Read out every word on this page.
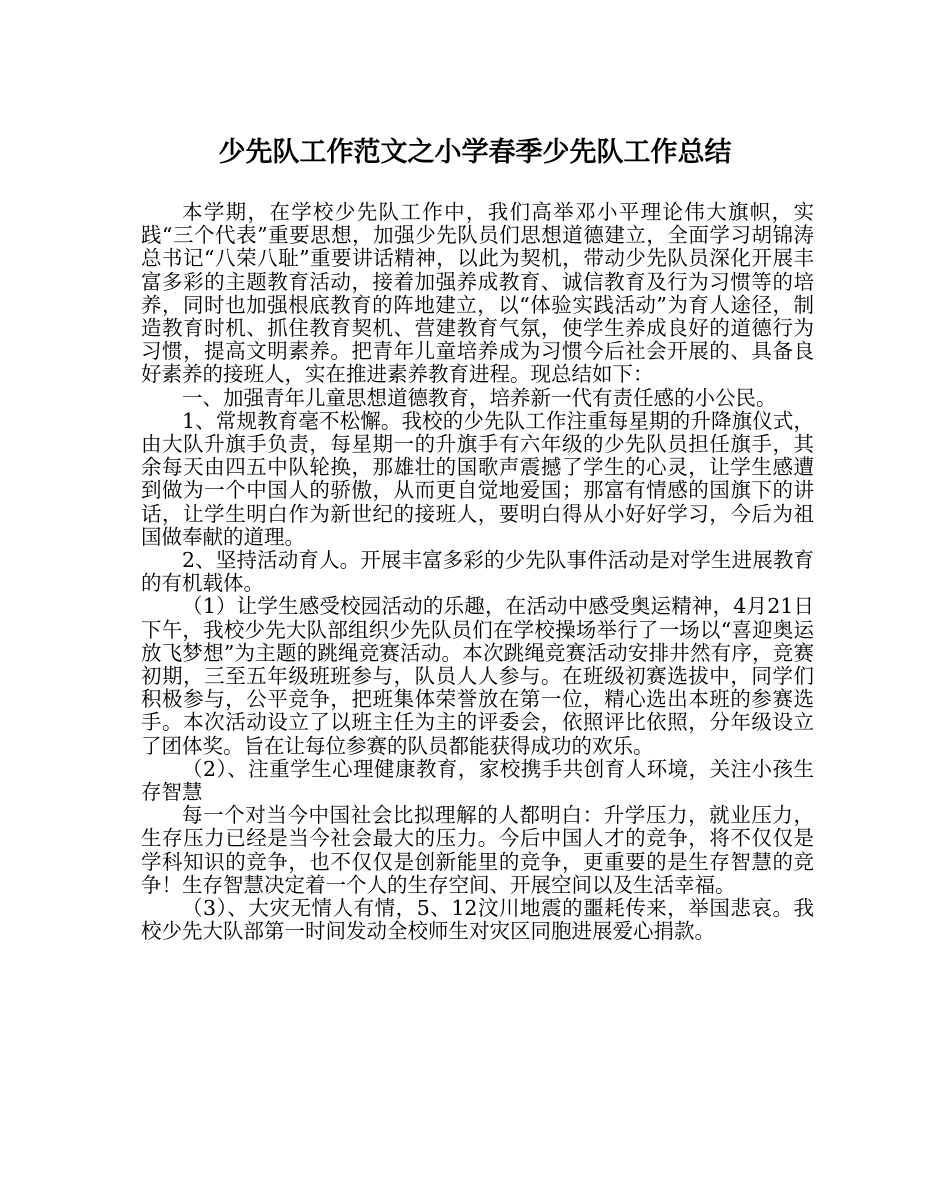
少先队工作范文之小学春季少先队工作总结

本学期，在学校少先队工作中，我们高举邓小平理论伟大旗帜，实践“三个代表”重要思想，加强少先队员们思想道德建立，全面学习胡锦涛总书记“八荣八耻”重要讲话精神，以此为契机，带动少先队员深化开展丰富多彩的主题教育活动，接着加强养成教育、诚信教育及行为习惯等的培养，同时也加强根底教育的阵地建立，以“体验实践活动”为育人途径，制造教育时机、抓住教育契机、营建教育气氛，使学生养成良好的道德行为习惯，提高文明素养。把青年儿童培养成为习惯今后社会开展的、具备良好素养的接班人，实在推进素养教育进程。现总结如下：

一、加强青年儿童思想道德教育，培养新一代有责任感的小公民。

1、常规教育毫不松懈。我校的少先队工作注重每星期的升降旗仪式，由大队升旗手负责，每星期一的升旗手有六年级的少先队员担任旗手，其余每天由四五中队轮换，那雄壮的国歌声震撼了学生的心灵，让学生感遭到做为一个中国人的骄傲，从而更自觉地爱国；那富有情感的国旗下的讲话，让学生明白作为新世纪的接班人，要明白得从小好好学习，今后为祖国做奉献的道理。

2、坚持活动育人。开展丰富多彩的少先队事件活动是对学生进展教育的有机载体。

（1）让学生感受校园活动的乐趣，在活动中感受奥运精神，4月21日下午，我校少先大队部组织少先队员们在学校操场举行了一场以“喜迎奥运放飞梦想”为主题的跳绳竞赛活动。本次跳绳竞赛活动安排井然有序，竞赛初期，三至五年级班班参与，队员人人参与。在班级初赛选拔中，同学们积极参与，公平竞争，把班集体荣誉放在第一位，精心选出本班的参赛选手。本次活动设立了以班主任为主的评委会，依照评比依照，分年级设立了团体奖。旨在让每位参赛的队员都能获得成功的欢乐。

（2）、注重学生心理健康教育，家校携手共创育人环境，关注小孩生存智慧

每一个对当今中国社会比拟理解的人都明白：升学压力，就业压力，生存压力已经是当今社会最大的压力。今后中国人才的竞争，将不仅仅是学科知识的竞争，也不仅仅是创新能里的竞争，更重要的是生存智慧的竞争！生存智慧决定着一个人的生存空间、开展空间以及生活幸福。

（3）、大灾无情人有情，5、12汶川地震的噩耗传来，举国悲哀。我校少先大队部第一时间发动全校师生对灾区同胞进展爱心捐款。
